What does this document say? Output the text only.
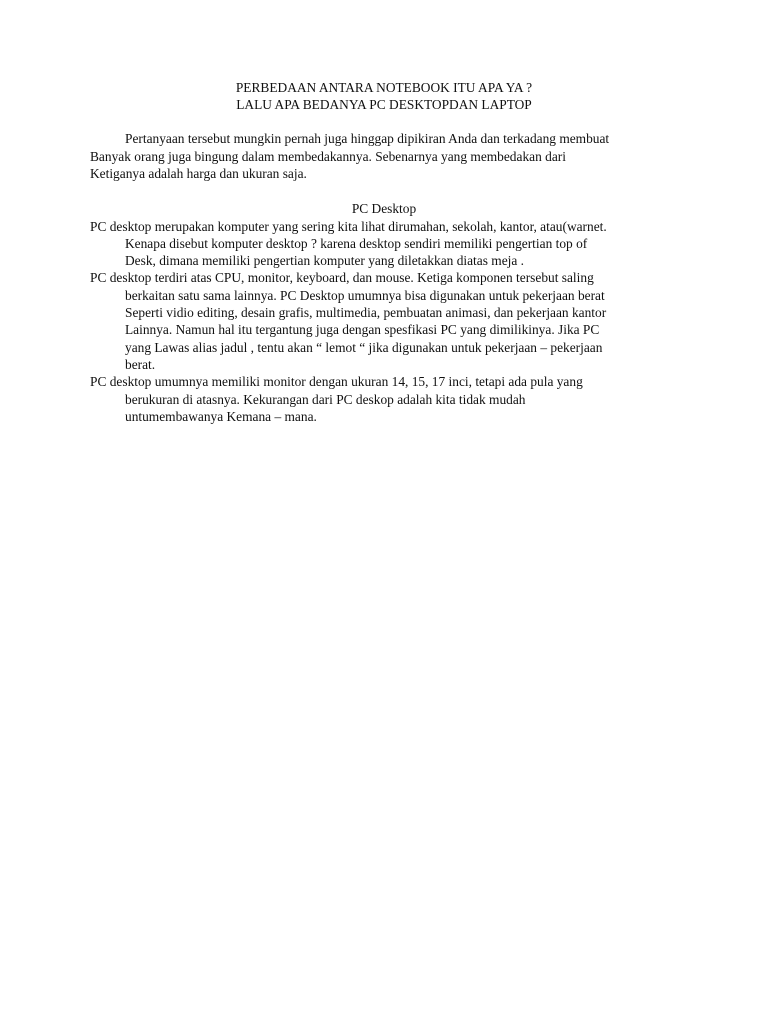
PERBEDAAN ANTARA NOTEBOOK ITU APA YA ?
LALU APA BEDANYA PC DESKTOPDAN LAPTOP
Pertanyaan tersebut mungkin pernah juga hinggap dipikiran Anda dan terkadang membuat
Banyak orang juga bingung dalam membedakannya. Sebenarnya yang membedakan dari
Ketiganya adalah harga dan ukuran saja.
PC Desktop
PC desktop merupakan komputer yang sering kita lihat dirumahan, sekolah, kantor, atau(warnet.
Kenapa disebut komputer desktop ? karena desktop sendiri memiliki pengertian top of
Desk, dimana memiliki pengertian komputer yang diletakkan diatas meja .
PC desktop terdiri atas CPU, monitor, keyboard, dan mouse. Ketiga komponen tersebut saling
berkaitan satu sama lainnya. PC Desktop umumnya bisa digunakan untuk pekerjaan berat
Seperti vidio editing, desain grafis, multimedia, pembuatan animasi, dan pekerjaan kantor
Lainnya. Namun hal itu tergantung juga dengan spesfikasi PC yang dimilikinya. Jika PC
yang Lawas alias jadul , tentu akan “ lemot “ jika digunakan untuk pekerjaan – pekerjaan
berat.
PC desktop umumnya memiliki monitor dengan ukuran 14, 15, 17 inci, tetapi ada pula yang
berukuran di atasnya. Kekurangan dari PC deskop adalah kita tidak mudah
untumembawanya Kemana – mana.
